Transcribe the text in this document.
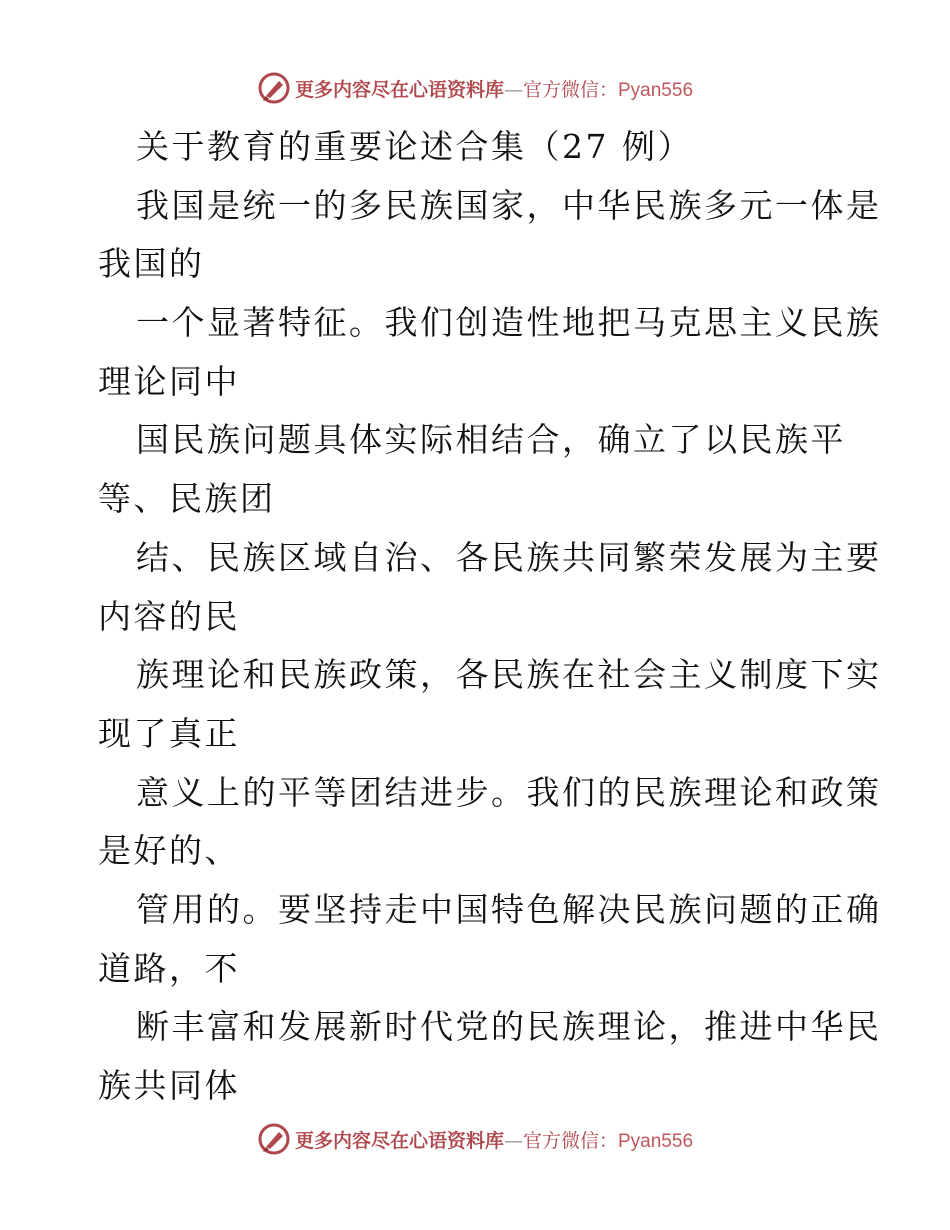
更多内容尽在心语资料库—官方微信：Pyan556
关于教育的重要论述合集（27 例）
我国是统一的多民族国家，中华民族多元一体是
我国的
一个显著特征。我们创造性地把马克思主义民族
理论同中
国民族问题具体实际相结合，确立了以民族平
等、民族团
结、民族区域自治、各民族共同繁荣发展为主要
内容的民
族理论和民族政策，各民族在社会主义制度下实
现了真正
意义上的平等团结进步。我们的民族理论和政策
是好的、
管用的。要坚持走中国特色解决民族问题的正确
道路，不
断丰富和发展新时代党的民族理论，推进中华民
族共同体
更多内容尽在心语资料库—官方微信：Pyan556
